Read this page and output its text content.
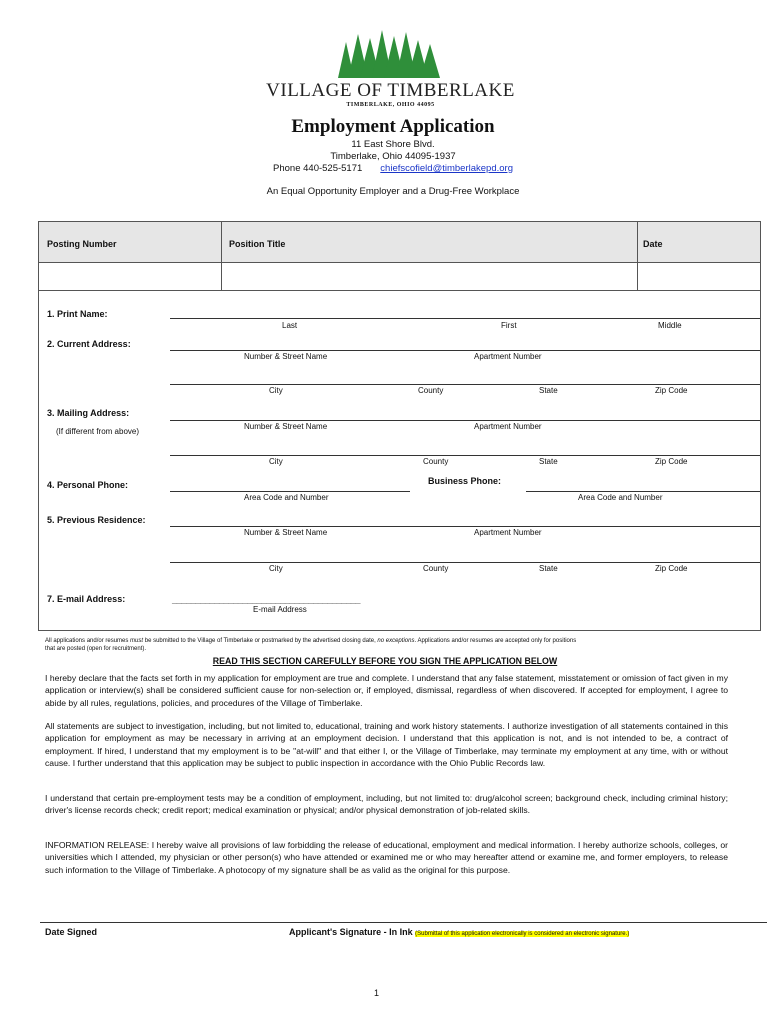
VILLAGE OF TIMBERLAKE
TIMBERLAKE, OHIO 44095
Employment Application
11 East Shore Blvd.
Timberlake, Ohio 44095-1937
Phone 440-525-5171 chiefscofield@timberlakepd.org
An Equal Opportunity Employer and a Drug-Free Workplace
Posting Number	Position Title	Date
1. Print Name:
Last	First	Middle
2. Current Address:
Number & Street Name	Apartment Number
City	County	State	Zip Code
3. Mailing Address:
(If different from above)
Number & Street Name	Apartment Number
City	County	State	Zip Code
4. Personal Phone:
Area Code and Number
Business Phone:
Area Code and Number
5. Previous Residence:
Number & Street Name	Apartment Number
City	County	State	Zip Code
7. E-mail Address:	________________________________________
E-mail Address
All applications and/or resumes must be submitted to the Village of Timberlake or postmarked by the advertised closing date, no exceptions. Applications and/or resumes are accepted only for positions
that are posted (open for recruitment).
READ THIS SECTION CAREFULLY BEFORE YOU SIGN THE APPLICATION BELOW
I hereby declare that the facts set forth in my application for employment are true and complete. I understand that any false statement, misstatement or omission of fact given in my application or interview(s) shall be considered sufficient cause for non-selection or, if employed, dismissal, regardless of when discovered. If accepted for employment, I agree to abide by all rules, regulations, policies, and procedures of the Village of Timberlake.
All statements are subject to investigation, including, but not limited to, educational, training and work history statements. I authorize investigation of all statements contained in this application for employment as may be necessary in arriving at an employment decision. I understand that this application is not, and is not intended to be, a contract of employment. If hired, I understand that my employment is to be "at-will" and that either I, or the Village of Timberlake, may terminate my employment at any time, with or without cause. I further understand that this application may be subject to public inspection in accordance with the Ohio Public Records law.
I understand that certain pre-employment tests may be a condition of employment, including, but not limited to: drug/alcohol screen; background check, including criminal history; driver's license records check; credit report; medical examination or physical; and/or physical demonstration of job-related skills.
INFORMATION RELEASE: I hereby waive all provisions of law forbidding the release of educational, employment and medical information. I hereby authorize schools, colleges, or universities which I attended, my physician or other person(s) who have attended or examined me or who may hereafter attend or examine me, and former employers, to release such information to the Village of Timberlake. A photocopy of my signature shall be as valid as the original for this purpose.
Date Signed	Applicant's Signature - In Ink (Submittal of this application electronically is considered an electronic signature.)
1
